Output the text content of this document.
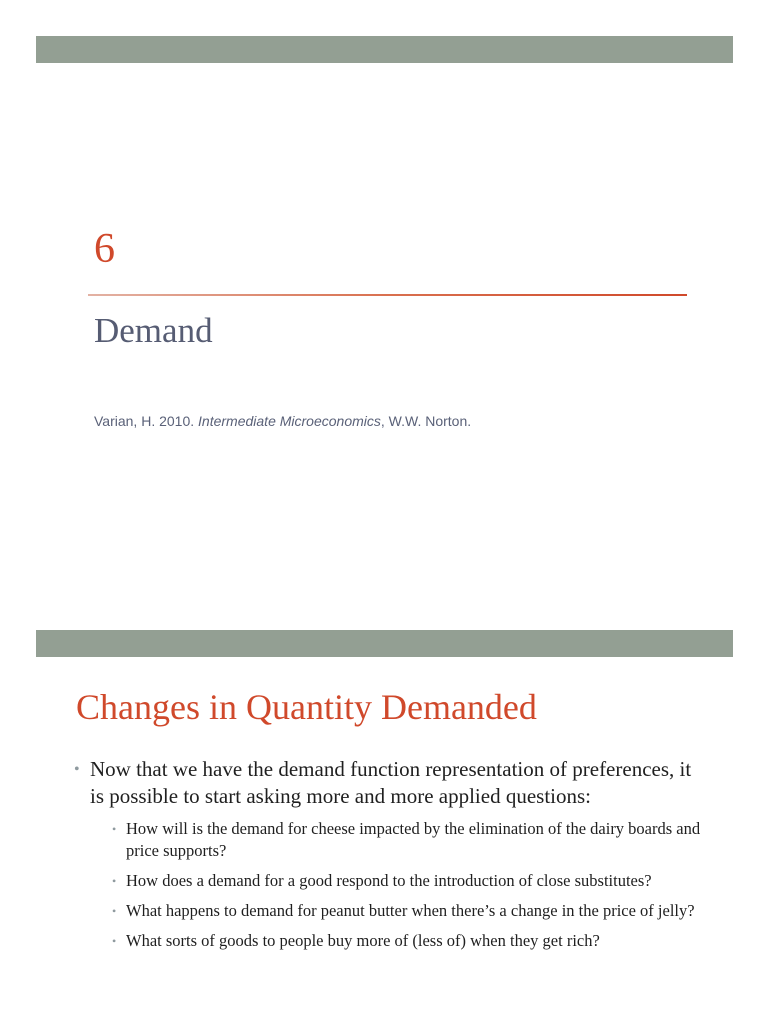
6
Demand
Varian, H. 2010. Intermediate Microeconomics, W.W. Norton.
Changes in Quantity Demanded
• Now that we have the demand function representation of preferences, it is possible to start asking more and more applied questions:
• How will is the demand for cheese impacted by the elimination of the dairy boards and price supports?
• How does a demand for a good respond to the introduction of close substitutes?
• What happens to demand for peanut butter when there’s a change in the price of jelly?
• What sorts of goods to people buy more of (less of) when they get rich?
